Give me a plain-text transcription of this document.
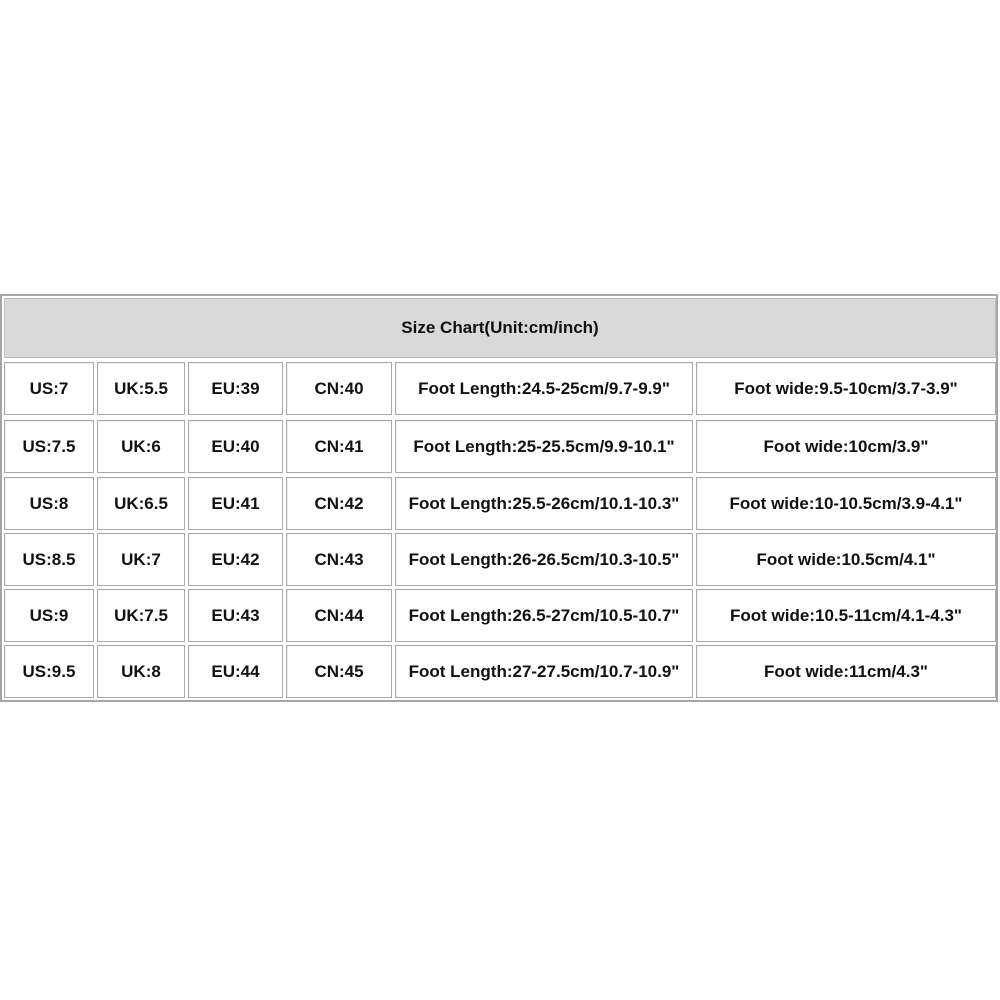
Size Chart(Unit:cm/inch)
US:7	UK:5.5	EU:39	CN:40	Foot Length:24.5-25cm/9.7-9.9"	Foot wide:9.5-10cm/3.7-3.9"
US:7.5	UK:6	EU:40	CN:41	Foot Length:25-25.5cm/9.9-10.1"	Foot wide:10cm/3.9"
US:8	UK:6.5	EU:41	CN:42	Foot Length:25.5-26cm/10.1-10.3"	Foot wide:10-10.5cm/3.9-4.1"
US:8.5	UK:7	EU:42	CN:43	Foot Length:26-26.5cm/10.3-10.5"	Foot wide:10.5cm/4.1"
US:9	UK:7.5	EU:43	CN:44	Foot Length:26.5-27cm/10.5-10.7"	Foot wide:10.5-11cm/4.1-4.3"
US:9.5	UK:8	EU:44	CN:45	Foot Length:27-27.5cm/10.7-10.9"	Foot wide:11cm/4.3"
